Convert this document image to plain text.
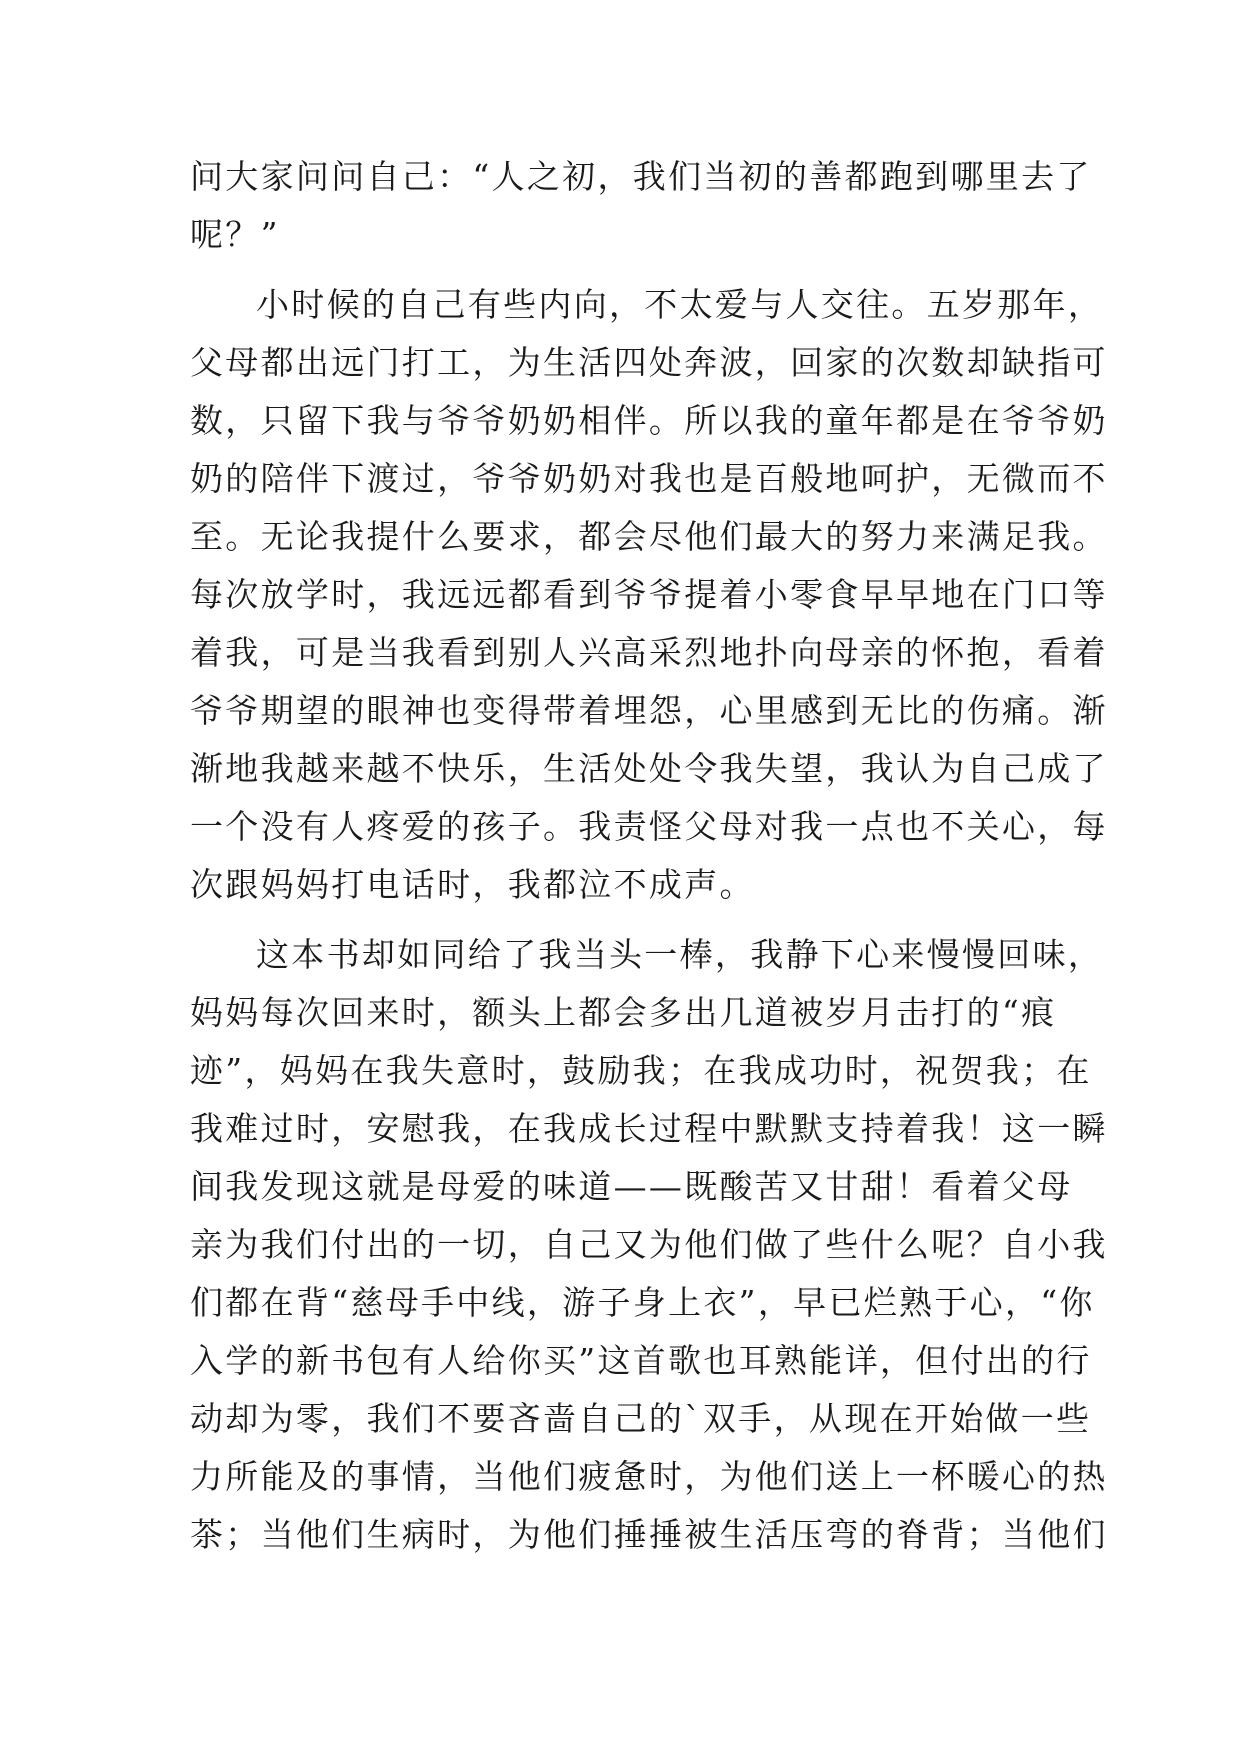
问大家问问自己：“人之初，我们当初的善都跑到哪里去了
呢？”
小时候的自己有些内向，不太爱与人交往。五岁那年，
父母都出远门打工，为生活四处奔波，回家的次数却缺指可
数，只留下我与爷爷奶奶相伴。所以我的童年都是在爷爷奶
奶的陪伴下渡过，爷爷奶奶对我也是百般地呵护，无微而不
至。无论我提什么要求，都会尽他们最大的努力来满足我。
每次放学时，我远远都看到爷爷提着小零食早早地在门口等
着我，可是当我看到别人兴高采烈地扑向母亲的怀抱，看着
爷爷期望的眼神也变得带着埋怨，心里感到无比的伤痛。渐
渐地我越来越不快乐，生活处处令我失望，我认为自己成了
一个没有人疼爱的孩子。我责怪父母对我一点也不关心，每
次跟妈妈打电话时，我都泣不成声。
这本书却如同给了我当头一棒，我静下心来慢慢回味，
妈妈每次回来时，额头上都会多出几道被岁月击打的“痕
迹”，妈妈在我失意时，鼓励我；在我成功时，祝贺我；在
我难过时，安慰我，在我成长过程中默默支持着我！这一瞬
间我发现这就是母爱的味道——既酸苦又甘甜！看着父母
亲为我们付出的一切，自己又为他们做了些什么呢？自小我
们都在背“慈母手中线，游子身上衣”，早已烂熟于心，“你
入学的新书包有人给你买”这首歌也耳熟能详，但付出的行
动却为零，我们不要吝啬自己的`双手，从现在开始做一些
力所能及的事情，当他们疲惫时，为他们送上一杯暖心的热
茶；当他们生病时，为他们捶捶被生活压弯的脊背；当他们
